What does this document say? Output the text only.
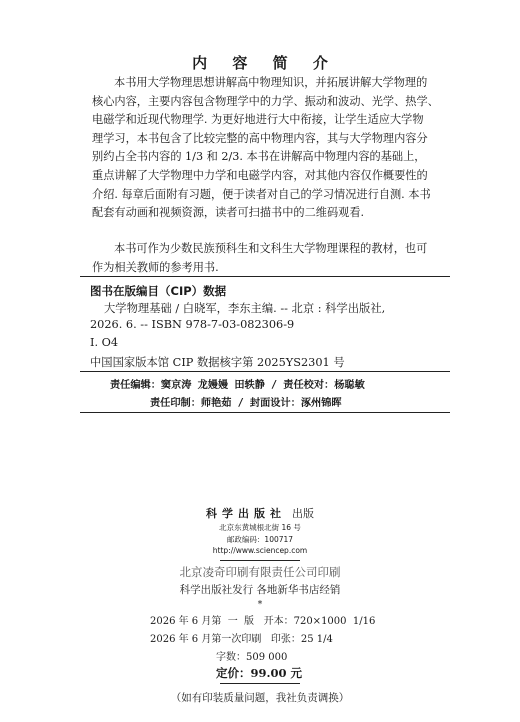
内 容 简 介
本书用大学物理思想讲解高中物理知识，并拓展讲解大学物理的
核心内容，主要内容包含物理学中的力学、振动和波动、光学、热学、
电磁学和近现代物理学. 为更好地进行大中衔接，让学生适应大学物
理学习，本书包含了比较完整的高中物理内容，其与大学物理内容分
别约占全书内容的 1/3 和 2/3. 本书在讲解高中物理内容的基础上，
重点讲解了大学物理中力学和电磁学内容，对其他内容仅作概要性的
介绍. 每章后面附有习题，便于读者对自己的学习情况进行自测. 本书
配套有动画和视频资源，读者可扫描书中的二维码观看.
本书可作为少数民族预科生和文科生大学物理课程的教材，也可
作为相关教师的参考用书.
图书在版编目（CIP）数据
大学物理基础 / 白晓军，李东主编. -- 北京 : 科学出版社,
2026. 6. -- ISBN 978-7-03-082306-9
Ⅰ. O4
中国国家版本馆 CIP 数据核字第 2025YS2301 号
责任编辑：窦京涛 龙嫚嫚 田轶静 / 责任校对：杨聪敏
责任印制：师艳茹 / 封面设计：涿州锦晖
科学出版社 出版
北京东黄城根北街 16 号
邮政编码：100717
http://www.sciencep.com
北京凌奇印刷有限责任公司印刷
科学出版社发行 各地新华书店经销
*
2026 年 6 月第  一  版   开本：720×1000  1/16
2026 年 6 月第一次印刷   印张：25 1/4
字数：509 000
定价：99.00 元
（如有印装质量问题，我社负责调换）
